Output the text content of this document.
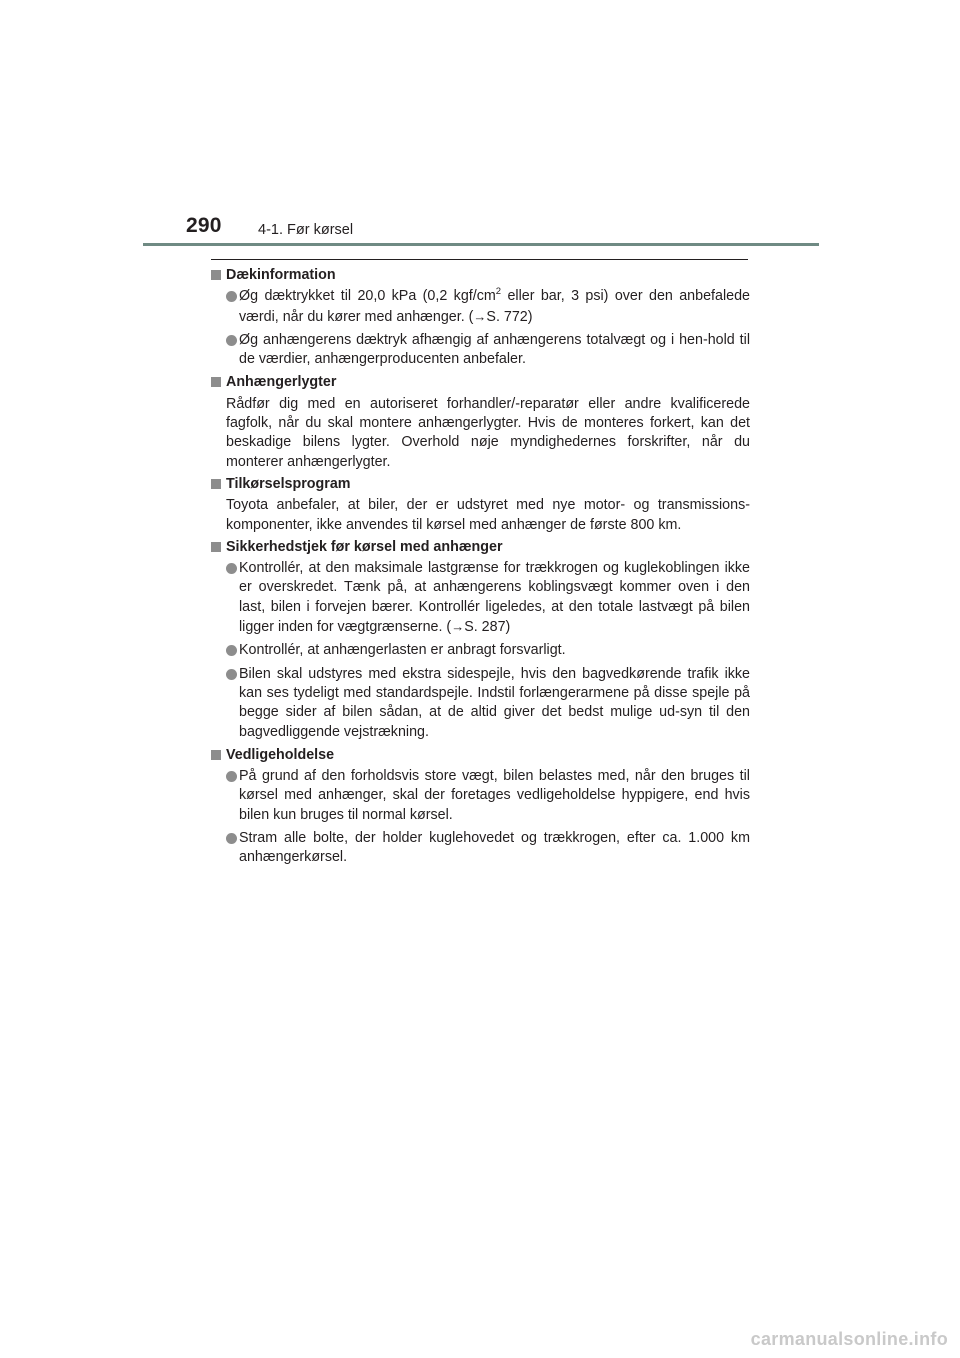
290	4-1. Før kørsel
Dækinformation
Øg dæktrykket til 20,0 kPa (0,2 kgf/$cm^2$ eller bar, 3 psi) over den anbefalede værdi, når du kører med anhænger. (→S. 772)
Øg anhængerens dæktryk afhængig af anhængerens totalvægt og i hen-hold til de værdier, anhængerproducenten anbefaler.
Anhængerlygter
Rådfør dig med en autoriseret forhandler/-reparatør eller andre kvalificerede fagfolk, når du skal montere anhængerlygter. Hvis de monteres forkert, kan det beskadige bilens lygter. Overhold nøje myndighedernes forskrifter, når du monterer anhængerlygter.
Tilkørselsprogram
Toyota anbefaler, at biler, der er udstyret med nye motor- og transmissions-komponenter, ikke anvendes til kørsel med anhænger de første 800 km.
Sikkerhedstjek før kørsel med anhænger
Kontrollér, at den maksimale lastgrænse for trækkrogen og kuglekoblingen ikke er overskredet. Tænk på, at anhængerens koblingsvægt kommer oven i den last, bilen i forvejen bærer. Kontrollér ligeledes, at den totale lastvægt på bilen ligger inden for vægtgrænserne. (→S. 287)
Kontrollér, at anhængerlasten er anbragt forsvarligt.
Bilen skal udstyres med ekstra sidespejle, hvis den bagvedkørende trafik ikke kan ses tydeligt med standardspejle. Indstil forlængerarmene på disse spejle på begge sider af bilen sådan, at de altid giver det bedst mulige ud-syn til den bagvedliggende vejstrækning.
Vedligeholdelse
På grund af den forholdsvis store vægt, bilen belastes med, når den bruges til kørsel med anhænger, skal der foretages vedligeholdelse hyppigere, end hvis bilen kun bruges til normal kørsel.
Stram alle bolte, der holder kuglehovedet og trækkrogen, efter ca. 1.000 km anhængerkørsel.
carmanualsonline.info
